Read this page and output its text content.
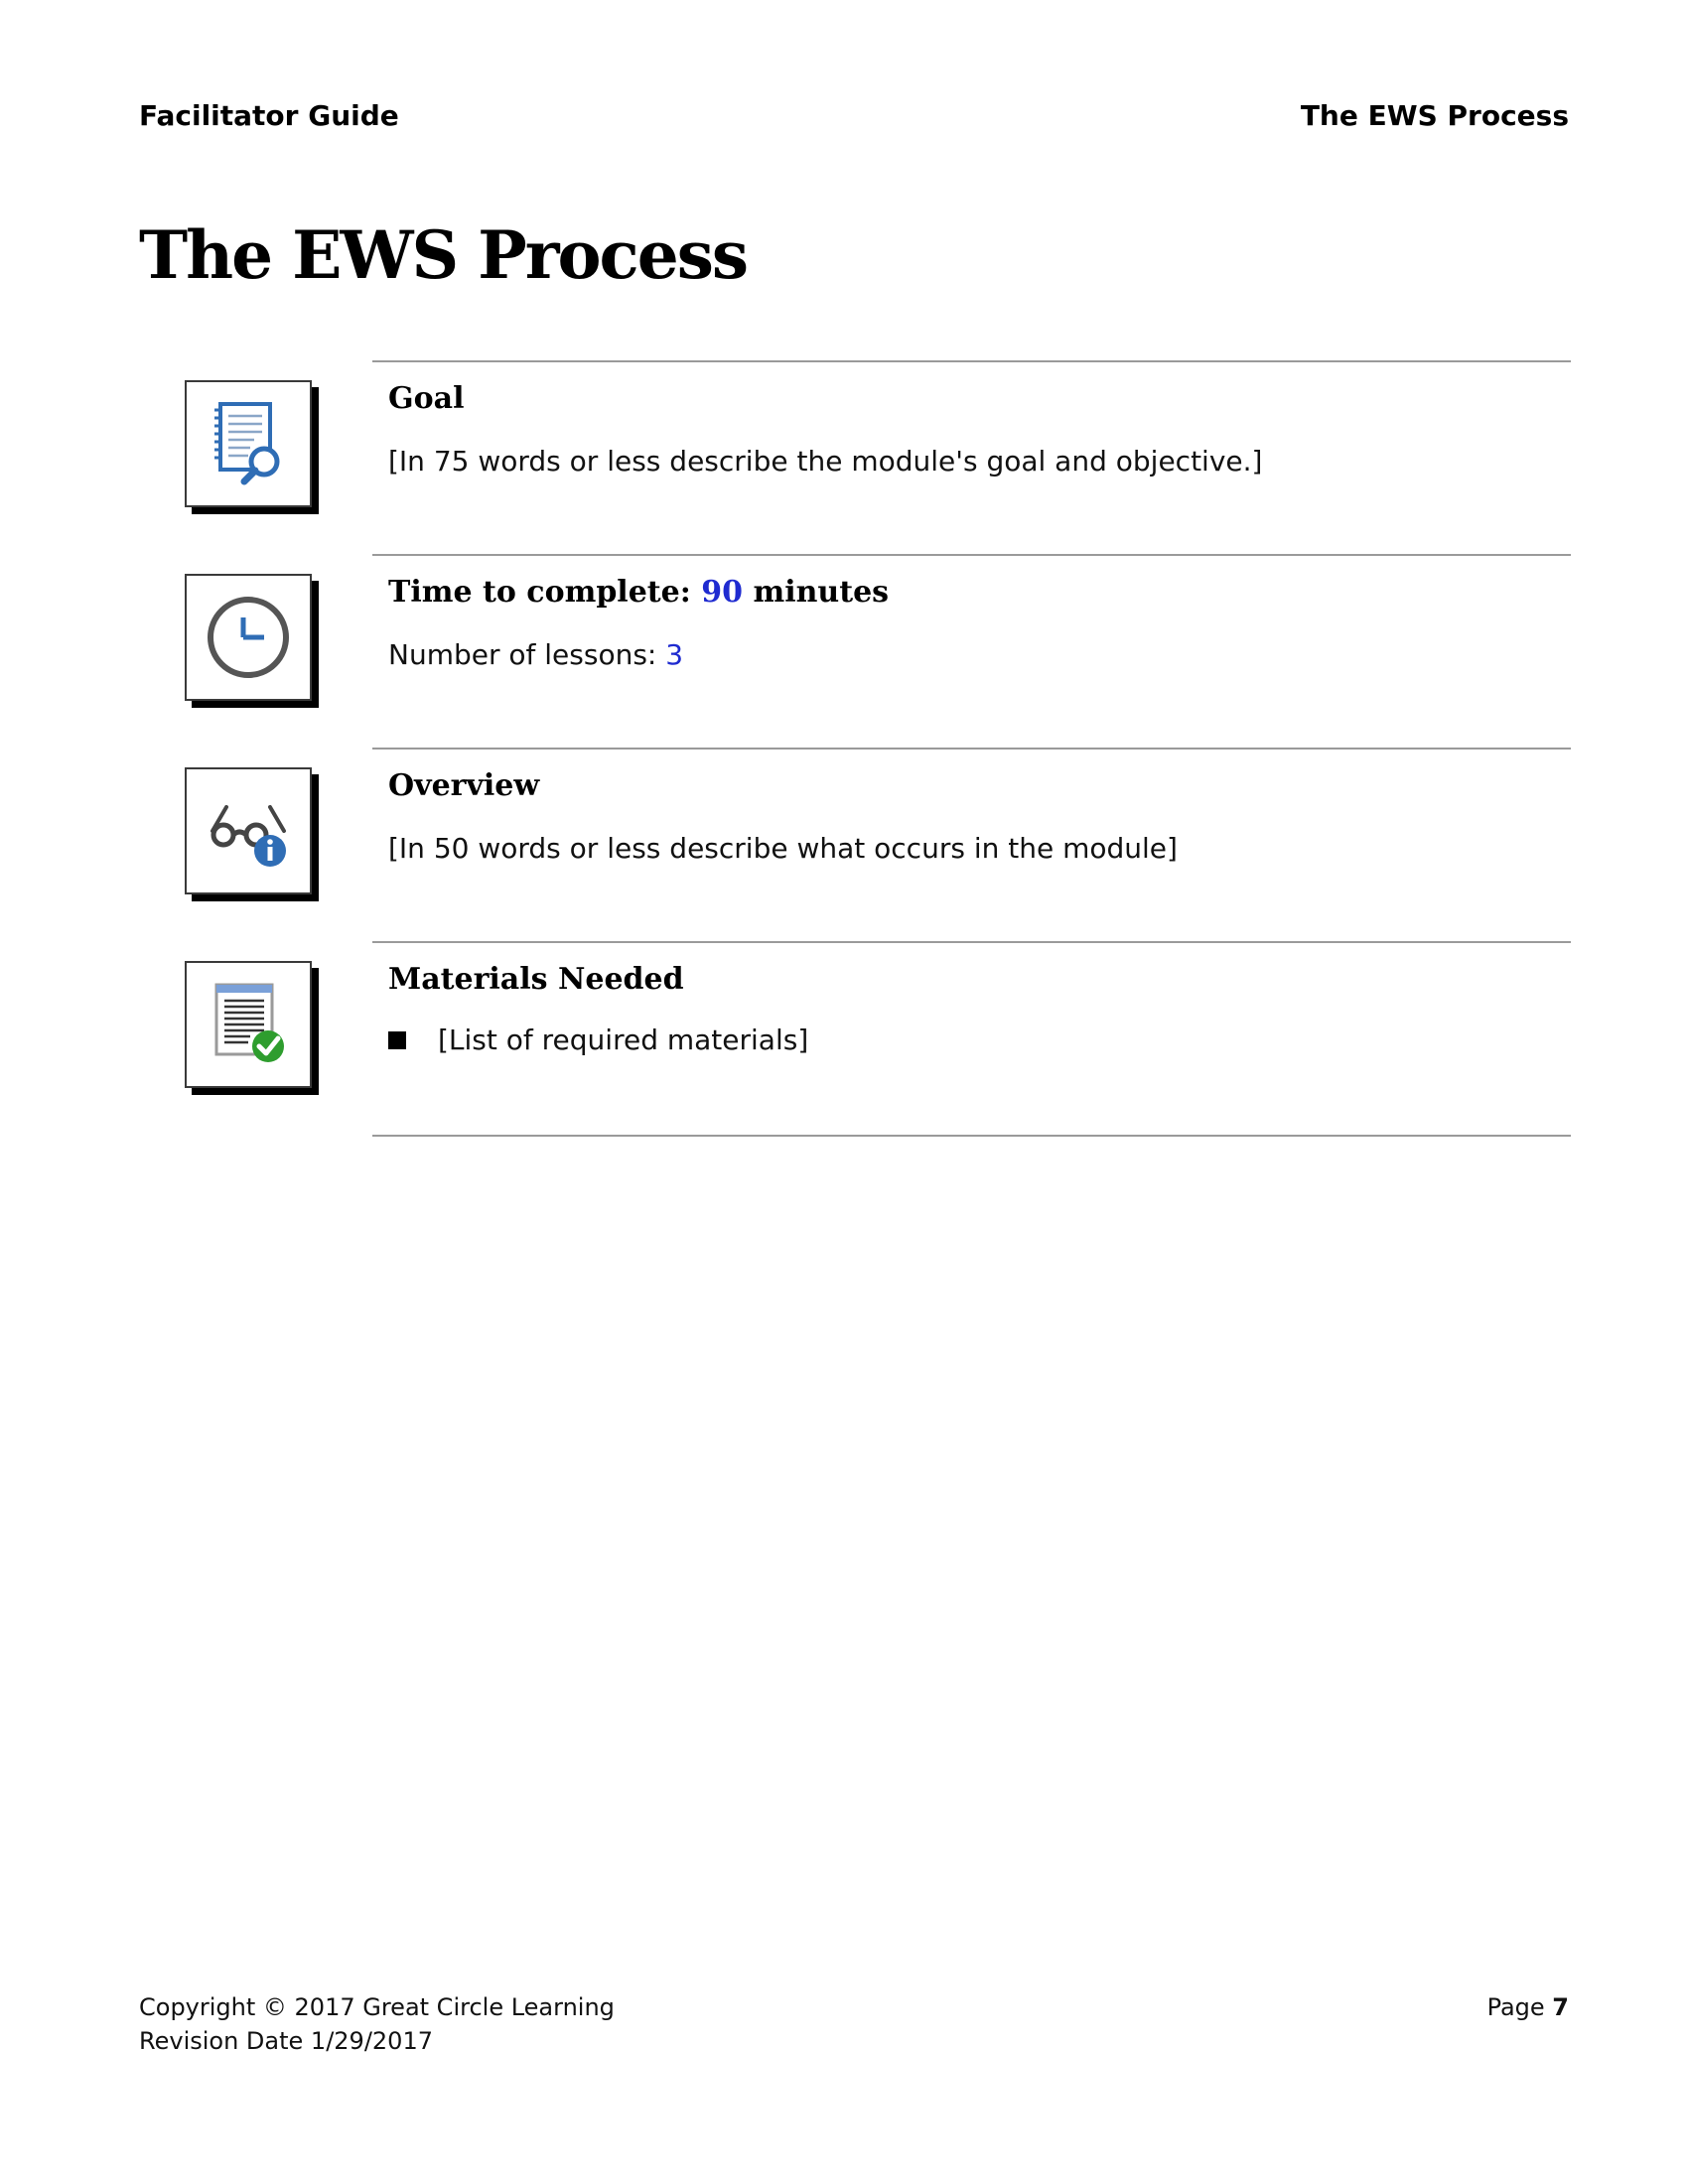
Facilitator Guide	The EWS Process
The EWS Process
Goal
[In 75 words or less describe the module's goal and objective.]
Time to complete: 90 minutes
Number of lessons: 3
Overview
[In 50 words or less describe what occurs in the module]
Materials Needed
[List of required materials]
Copyright © 2017 Great Circle Learning
Revision Date 1/29/2017
Page 7
